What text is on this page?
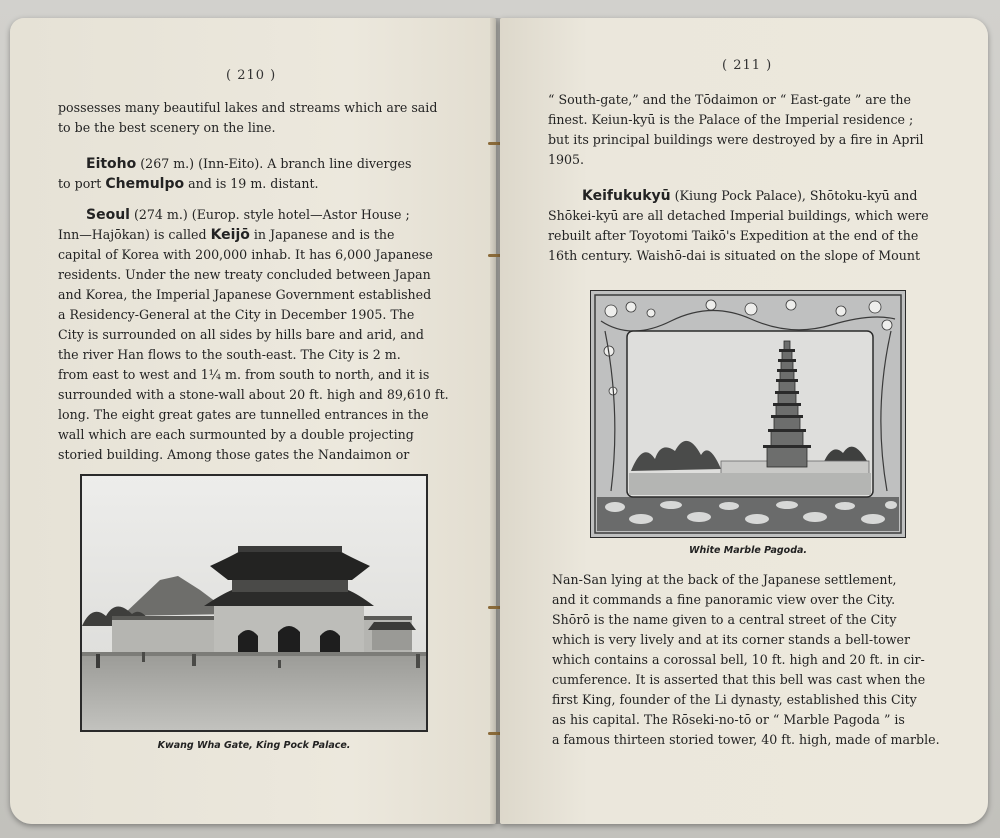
( 210 )
possesses many beautiful lakes and streams which are said
to be the best scenery on the line.
Eitoho (267 m.) (Inn-Eito). A branch line diverges
to port Chemulpo and is 19 m. distant.
Seoul (274 m.) (Europ. style hotel—Astor House ;
Inn—Hajōkan) is called Keijō in Japanese and is the
capital of Korea with 200,000 inhab. It has 6,000 Japanese
residents. Under the new treaty concluded between Japan
and Korea, the Imperial Japanese Government established
a Residency-General at the City in December 1905. The
City is surrounded on all sides by hills bare and arid, and
the river Han flows to the south-east. The City is 2 m.
from east to west and 1¼ m. from south to north, and it is
surrounded with a stone-wall about 20 ft. high and 89,610 ft.
long. The eight great gates are tunnelled entrances in the
wall which are each surmounted by a double projecting
storied building. Among those gates the Nandaimon or
Kwang Wha Gate, King Pock Palace.
( 211 )
“ South-gate,” and the Tōdaimon or “ East-gate ” are the
finest. Keiun-kyū is the Palace of the Imperial residence ;
but its principal buildings were destroyed by a fire in April
1905.
Keifukukyū (Kiung Pock Palace), Shōtoku-kyū and
Shōkei-kyū are all detached Imperial buildings, which were
rebuilt after Toyotomi Taikō's Expedition at the end of the
16th century. Waishō-dai is situated on the slope of Mount
White Marble Pagoda.
Nan-San lying at the back of the Japanese settlement,
and it commands a fine panoramic view over the City.
Shōrō is the name given to a central street of the City
which is very lively and at its corner stands a bell-tower
which contains a corossal bell, 10 ft. high and 20 ft. in cir-
cumference. It is asserted that this bell was cast when the
first King, founder of the Li dynasty, established this City
as his capital. The Rōseki-no-tō or “ Marble Pagoda ” is
a famous thirteen storied tower, 40 ft. high, made of marble.
